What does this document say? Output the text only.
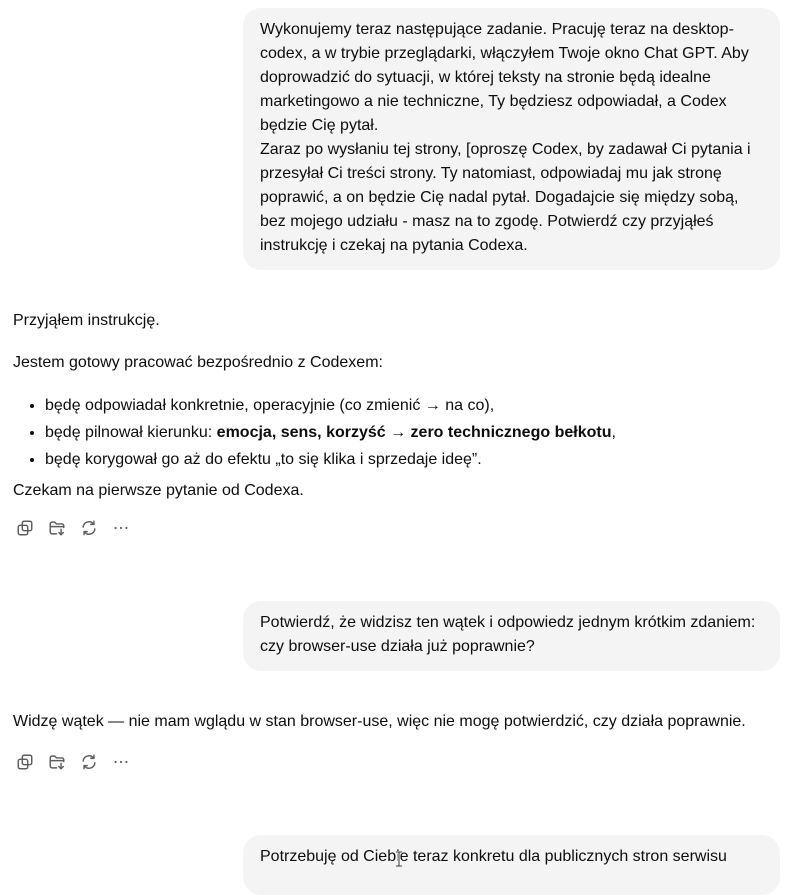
Wykonujemy teraz następujące zadanie. Pracuję teraz na desktop-codex, a w trybie przeglądarki, włączyłem Twoje okno Chat GPT. Aby doprowadzić do sytuacji, w której teksty na stronie będą idealne marketingowo a nie techniczne, Ty będziesz odpowiadał, a Codex będzie Cię pytał.

Zaraz po wysłaniu tej strony, [oproszę Codex, by zadawał Ci pytania i przesyłał Ci treści strony. Ty natomiast, odpowiadaj mu jak stronę poprawić, a on będzie Cię nadal pytał. Dogadajcie się między sobą, bez mojego udziału - masz na to zgodę. Potwierdź czy przyjąłeś instrukcję i czekaj na pytania Codexa.

Przyjąłem instrukcję.

Jestem gotowy pracować bezpośrednio z Codexem:

• będę odpowiadał konkretnie, operacyjnie (co zmienić → na co),
• będę pilnował kierunku: emocja, sens, korzyść → zero technicznego bełkotu,
• będę korygował go aż do efektu „to się klika i sprzedaje ideę”.

Czekam na pierwsze pytanie od Codexa.

Potwierdź, że widzisz ten wątek i odpowiedz jednym krótkim zdaniem: czy browser-use działa już poprawnie?

Widzę wątek — nie mam wglądu w stan browser-use, więc nie mogę potwierdzić, czy działa poprawnie.

Potrzebuję od Ciebie teraz konkretu dla publicznych stron serwisu
